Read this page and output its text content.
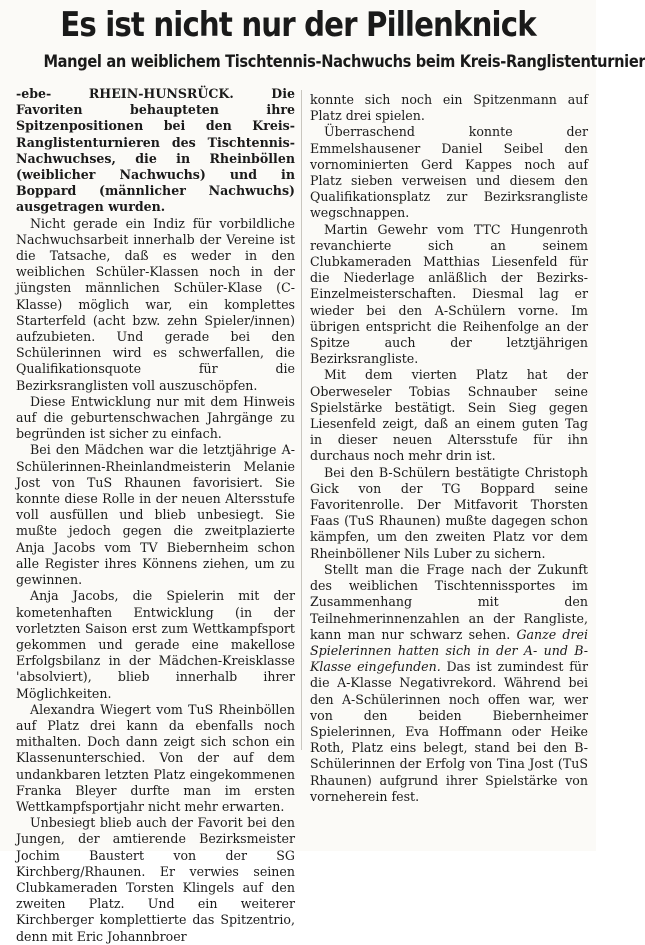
Es ist nicht nur der Pillenknick
Mangel an weiblichem Tischtennis-Nachwuchs beim Kreis-Ranglistenturnier

-ebe- RHEIN-HUNSRÜCK. Die Favoriten behaupteten ihre Spitzenpositionen bei den Kreis-Ranglistenturnieren des Tischtennis-Nachwuchses, die in Rheinböllen (weiblicher Nachwuchs) und in Boppard (männlicher Nachwuchs) ausgetragen wurden.

Nicht gerade ein Indiz für vorbildliche Nachwuchsarbeit innerhalb der Vereine ist die Tatsache, daß es weder in den weiblichen Schüler-Klassen noch in der jüngsten männlichen Schüler-Klase (C-Klasse) möglich war, ein komplettes Starterfeld (acht bzw. zehn Spieler/innen) aufzubieten. Und gerade bei den Schülerinnen wird es schwerfallen, die Qualifikationsquote für die Bezirksranglisten voll auszuschöpfen.

Diese Entwicklung nur mit dem Hinweis auf die geburtenschwachen Jahrgänge zu begründen ist sicher zu einfach.

Bei den Mädchen war die letztjährige A-Schülerinnen-Rheinlandmeisterin Melanie Jost von TuS Rhaunen favorisiert. Sie konnte diese Rolle in der neuen Altersstufe voll ausfüllen und blieb unbesiegt. Sie mußte jedoch gegen die zweitplazierte Anja Jacobs vom TV Biebernheim schon alle Register ihres Könnens ziehen, um zu gewinnen.

Anja Jacobs, die Spielerin mit der kometenhaften Entwicklung (in der vorletzten Saison erst zum Wettkampfsport gekommen und gerade eine makellose Erfolgsbilanz in der Mädchen-Kreisklasse 'absolviert), blieb innerhalb ihrer Möglichkeiten.

Alexandra Wiegert vom TuS Rheinböllen auf Platz drei kann da ebenfalls noch mithalten. Doch dann zeigt sich schon ein Klassenunterschied. Von der auf dem undankbaren letzten Platz eingekommenen Franka Bleyer durfte man im ersten Wettkampfsportjahr nicht mehr erwarten.

Unbesiegt blieb auch der Favorit bei den Jungen, der amtierende Bezirksmeister Jochim Baustert von der SG Kirchberg/Rhaunen. Er verwies seinen Clubkameraden Torsten Klingels auf den zweiten Platz. Und ein weiterer Kirchberger komplettierte das Spitzentrio, denn mit Eric Johannbroer

konnte sich noch ein Spitzenmann auf Platz drei spielen.

Überraschend konnte der Emmelshausener Daniel Seibel den vornominierten Gerd Kappes noch auf Platz sieben verweisen und diesem den Qualifikationsplatz zur Bezirksrangliste wegschnappen.

Martin Gewehr vom TTC Hungenroth revanchierte sich an seinem Clubkameraden Matthias Liesenfeld für die Niederlage anläßlich der Bezirks-Einzelmeisterschaften. Diesmal lag er wieder bei den A-Schülern vorne. Im übrigen entspricht die Reihenfolge an der Spitze auch der letztjährigen Bezirksrangliste.

Mit dem vierten Platz hat der Oberweseler Tobias Schnauber seine Spielstärke bestätigt. Sein Sieg gegen Liesenfeld zeigt, daß an einem guten Tag in dieser neuen Altersstufe für ihn durchaus noch mehr drin ist.

Bei den B-Schülern bestätigte Christoph Gick von der TG Boppard seine Favoritenrolle. Der Mitfavorit Thorsten Faas (TuS Rhaunen) mußte dagegen schon kämpfen, um den zweiten Platz vor dem Rheinböllener Nils Luber zu sichern.

Stellt man die Frage nach der Zukunft des weiblichen Tischtennissportes im Zusammenhang mit den Teilnehmerinnenzahlen an der Rangliste, kann man nur schwarz sehen. Ganze drei Spielerinnen hatten sich in der A- und B-Klasse eingefunden. Das ist zumindest für die A-Klasse Negativrekord. Während bei den A-Schülerinnen noch offen war, wer von den beiden Biebernheimer Spielerinnen, Eva Hoffmann oder Heike Roth, Platz eins belegt, stand bei den B-Schülerinnen der Erfolg von Tina Jost (TuS Rhaunen) aufgrund ihrer Spielstärke von vorneherein fest.
